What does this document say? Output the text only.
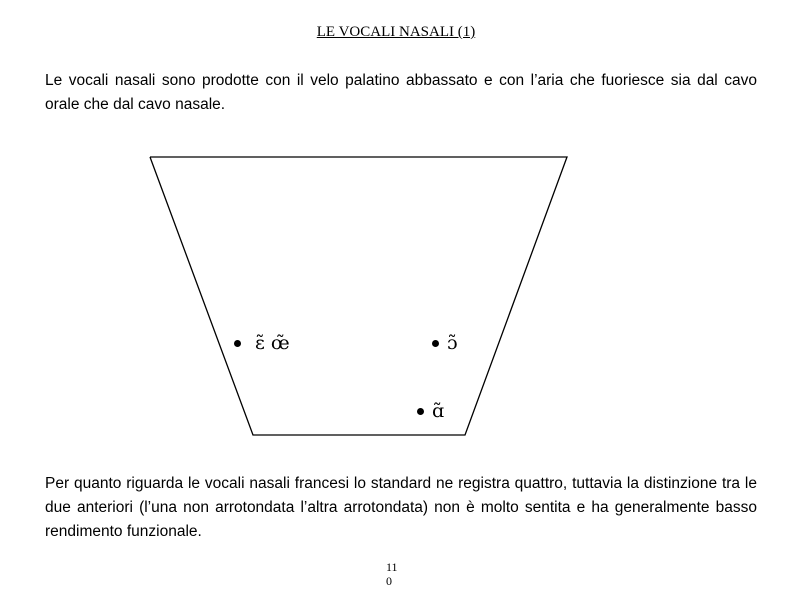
LE VOCALI NASALI (1)
Le vocali nasali sono prodotte con il velo palatino abbassato e con l’aria che fuoriesce sia dal cavo orale che dal cavo nasale.
ɛ̃ œ̃	ɔ̃
ɑ̃
Per quanto riguarda le vocali nasali francesi lo standard ne registra quattro, tuttavia la distinzione tra le due anteriori (l’una non arrotondata l’altra arrotondata) non è molto sentita e ha generalmente basso rendimento funzionale.
11
0
